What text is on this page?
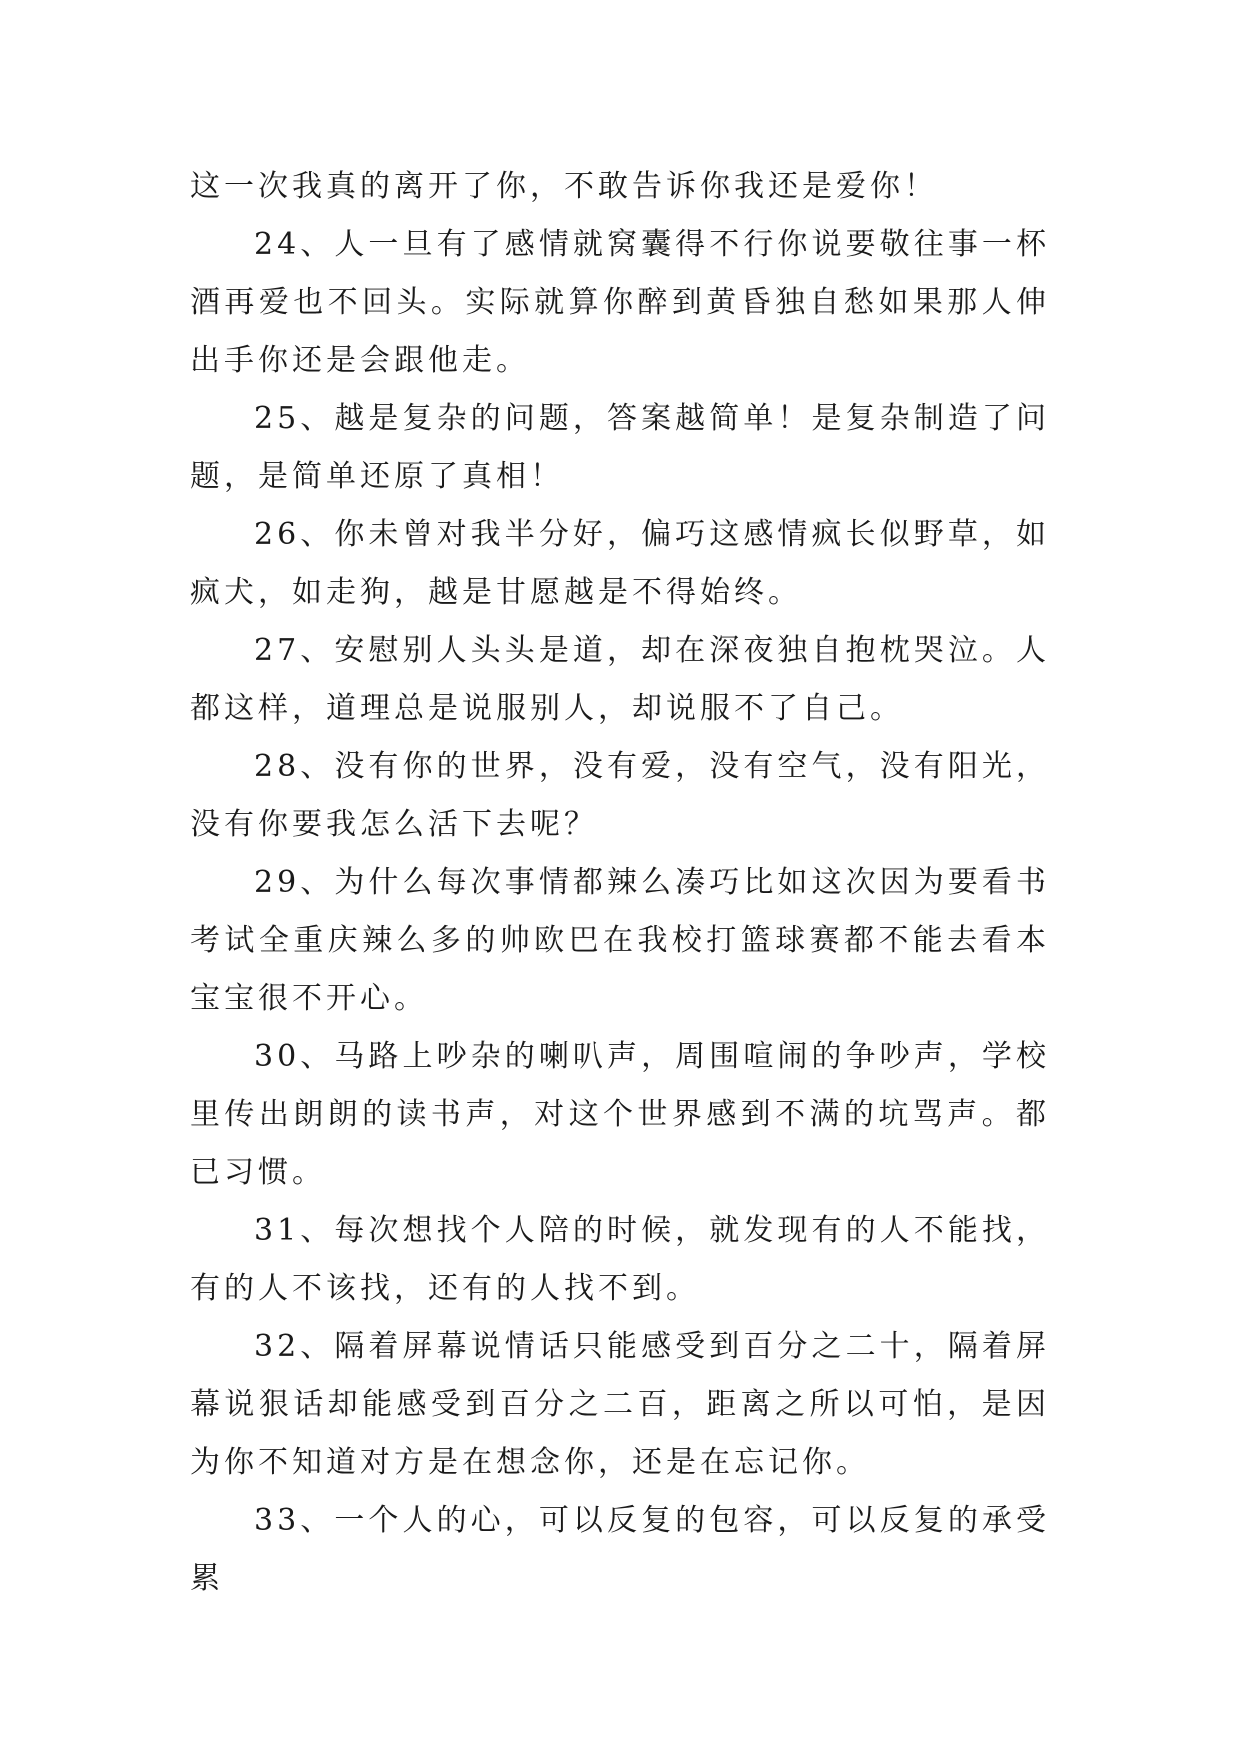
这一次我真的离开了你，不敢告诉你我还是爱你！

24、人一旦有了感情就窝囊得不行你说要敬往事一杯酒再爱也不回头。实际就算你醉到黄昏独自愁如果那人伸出手你还是会跟他走。

25、越是复杂的问题，答案越简单！是复杂制造了问题，是简单还原了真相！

26、你未曾对我半分好，偏巧这感情疯长似野草，如疯犬，如走狗，越是甘愿越是不得始终。

27、安慰别人头头是道，却在深夜独自抱枕哭泣。人都这样，道理总是说服别人，却说服不了自己。

28、没有你的世界，没有爱，没有空气，没有阳光，没有你要我怎么活下去呢？

29、为什么每次事情都辣么凑巧比如这次因为要看书考试全重庆辣么多的帅欧巴在我校打篮球赛都不能去看本宝宝很不开心。

30、马路上吵杂的喇叭声，周围喧闹的争吵声，学校里传出朗朗的读书声，对这个世界感到不满的坑骂声。都已习惯。

31、每次想找个人陪的时候，就发现有的人不能找，有的人不该找，还有的人找不到。

32、隔着屏幕说情话只能感受到百分之二十，隔着屏幕说狠话却能感受到百分之二百，距离之所以可怕，是因为你不知道对方是在想念你，还是在忘记你。

33、一个人的心，可以反复的包容，可以反复的承受累
